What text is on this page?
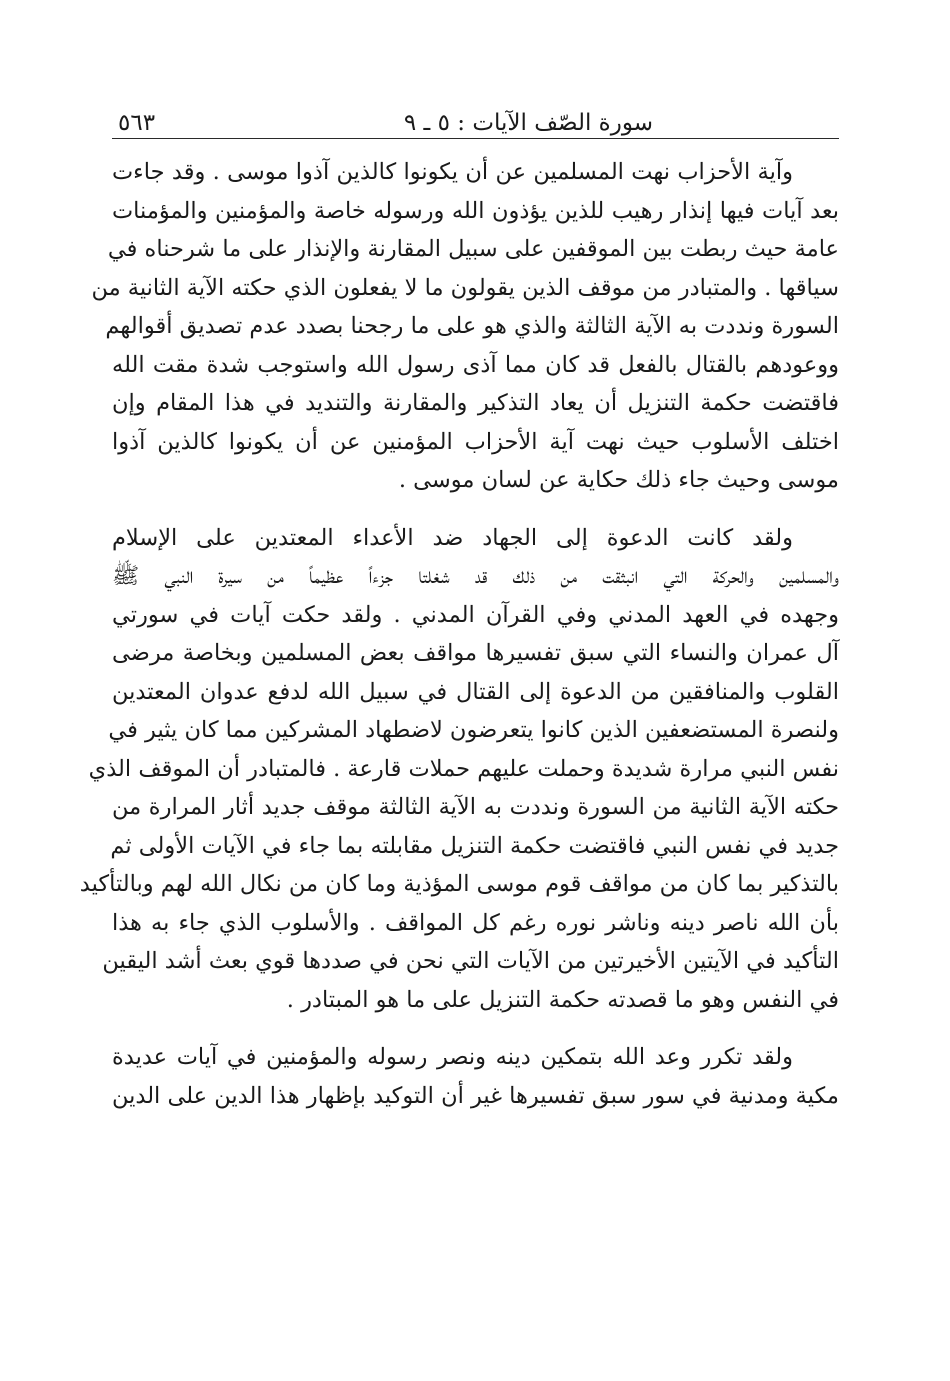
سورة الصّف الآيات : ٥ ـ ٩
٥٦٣

وآية الأحزاب نهت المسلمين عن أن يكونوا كالذين آذوا موسى . وقد جاءت
بعد آيات فيها إنذار رهيب للذين يؤذون الله ورسوله خاصة والمؤمنين والمؤمنات
عامة حيث ربطت بين الموقفين على سبيل المقارنة والإنذار على ما شرحناه في
سياقها . والمتبادر من موقف الذين يقولون ما لا يفعلون الذي حكته الآية الثانية من
السورة ونددت به الآية الثالثة والذي هو على ما رجحنا بصدد عدم تصديق أقوالهم
ووعودهم بالقتال بالفعل قد كان مما آذى رسول الله واستوجب شدة مقت الله
فاقتضت حكمة التنزيل أن يعاد التذكير والمقارنة والتنديد في هذا المقام وإن
اختلف الأسلوب حيث نهت آية الأحزاب المؤمنين عن أن يكونوا كالذين آذوا
موسى وحيث جاء ذلك حكاية عن لسان موسى .

ولقد كانت الدعوة إلى الجهاد ضد الأعداء المعتدين على الإسلام
والمسلمين والحركة التي انبثقت من ذلك قد شغلتا جزءاً عظيماً من سيرة النبي ﷺ
وجهده في العهد المدني وفي القرآن المدني . ولقد حكت آيات في سورتي
آل عمران والنساء التي سبق تفسيرها مواقف بعض المسلمين وبخاصة مرضى
القلوب والمنافقين من الدعوة إلى القتال في سبيل الله لدفع عدوان المعتدين
ولنصرة المستضعفين الذين كانوا يتعرضون لاضطهاد المشركين مما كان يثير في
نفس النبي مرارة شديدة وحملت عليهم حملات قارعة . فالمتبادر أن الموقف الذي
حكته الآية الثانية من السورة ونددت به الآية الثالثة موقف جديد أثار المرارة من
جديد في نفس النبي فاقتضت حكمة التنزيل مقابلته بما جاء في الآيات الأولى ثم
بالتذكير بما كان من مواقف قوم موسى المؤذية وما كان من نكال الله لهم وبالتأكيد
بأن الله ناصر دينه وناشر نوره رغم كل المواقف . والأسلوب الذي جاء به هذا
التأكيد في الآيتين الأخيرتين من الآيات التي نحن في صددها قوي بعث أشد اليقين
في النفس وهو ما قصدته حكمة التنزيل على ما هو المبتادر .

ولقد تكرر وعد الله بتمكين دينه ونصر رسوله والمؤمنين في آيات عديدة
مكية ومدنية في سور سبق تفسيرها غير أن التوكيد بإظهار هذا الدين على الدين
